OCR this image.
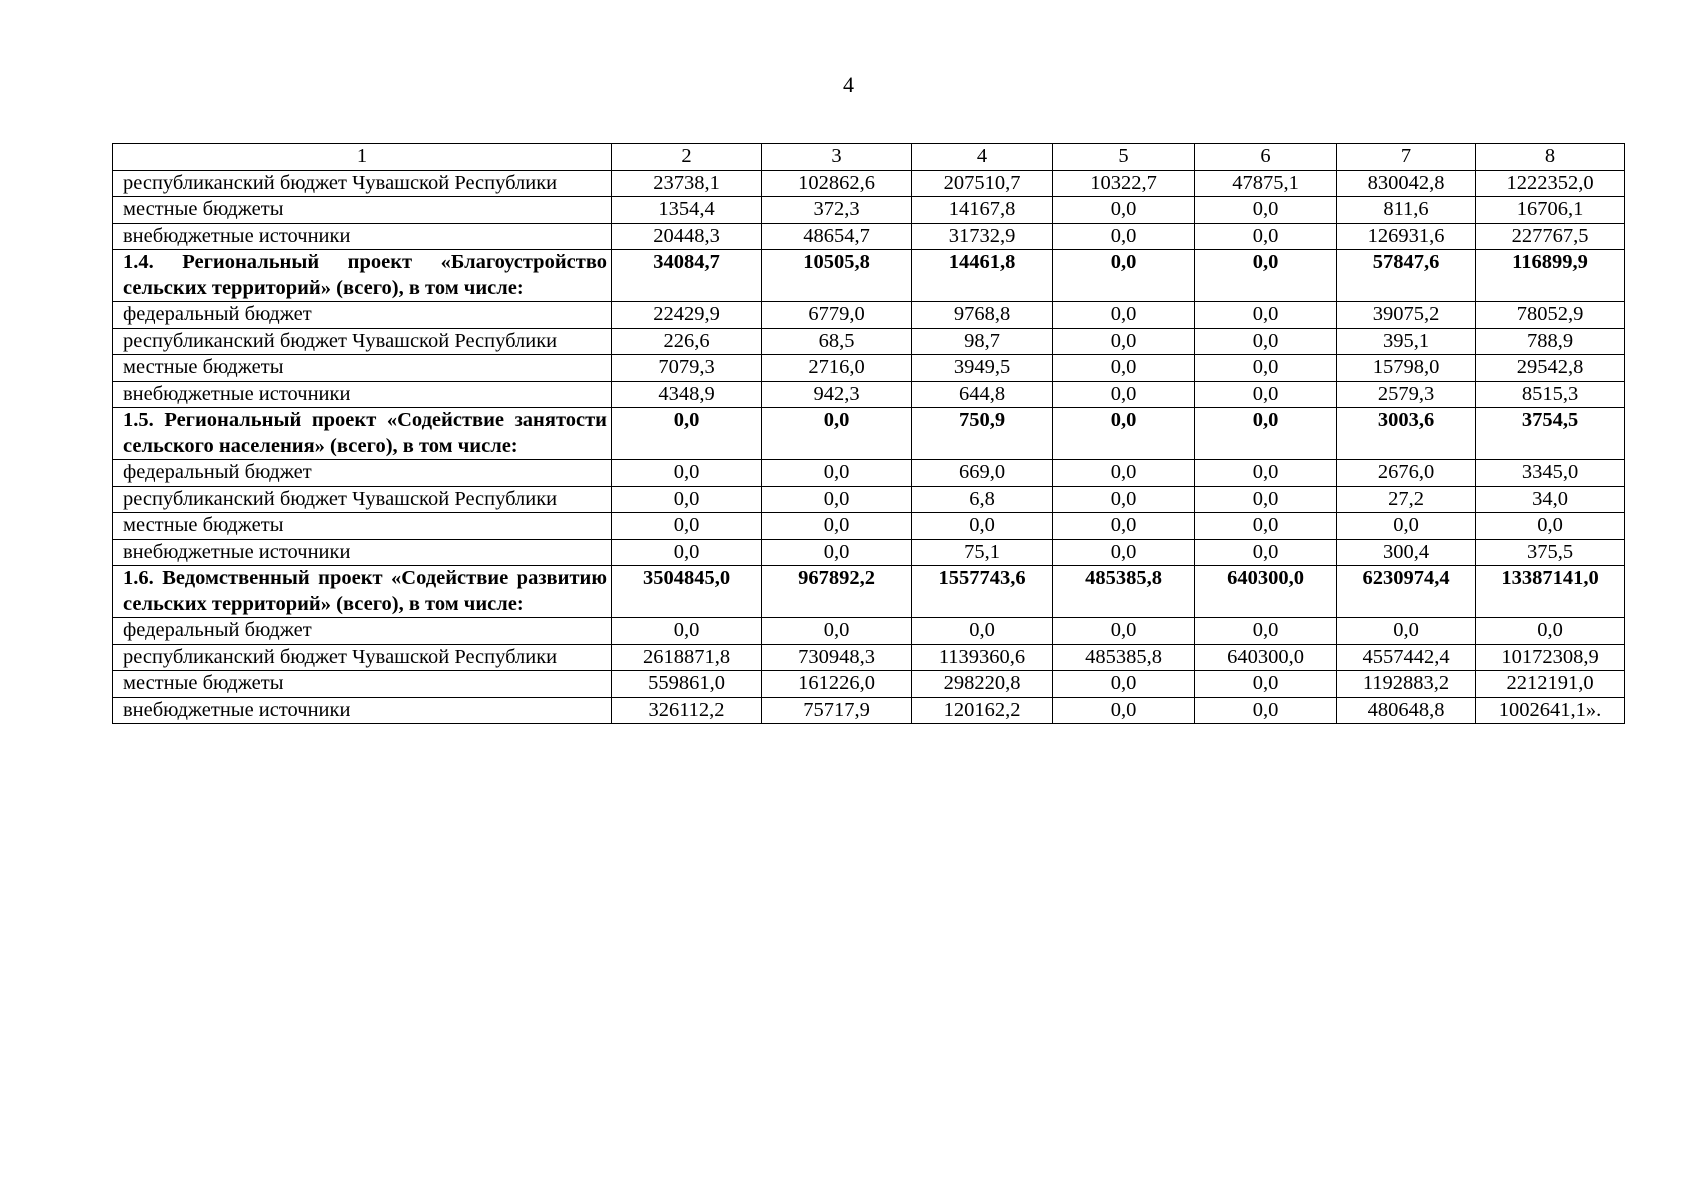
4
1	2	3	4	5	6	7	8
республиканский бюджет Чувашской Республики	23738,1	102862,6	207510,7	10322,7	47875,1	830042,8	1222352,0
местные бюджеты	1354,4	372,3	14167,8	0,0	0,0	811,6	16706,1
внебюджетные источники	20448,3	48654,7	31732,9	0,0	0,0	126931,6	227767,5
1.4. Региональный проект «Благоустройство сельских территорий» (всего), в том числе:	34084,7	10505,8	14461,8	0,0	0,0	57847,6	116899,9
федеральный бюджет	22429,9	6779,0	9768,8	0,0	0,0	39075,2	78052,9
республиканский бюджет Чувашской Республики	226,6	68,5	98,7	0,0	0,0	395,1	788,9
местные бюджеты	7079,3	2716,0	3949,5	0,0	0,0	15798,0	29542,8
внебюджетные источники	4348,9	942,3	644,8	0,0	0,0	2579,3	8515,3
1.5. Региональный проект «Содействие занятости сельского населения» (всего), в том числе:	0,0	0,0	750,9	0,0	0,0	3003,6	3754,5
федеральный бюджет	0,0	0,0	669,0	0,0	0,0	2676,0	3345,0
республиканский бюджет Чувашской Республики	0,0	0,0	6,8	0,0	0,0	27,2	34,0
местные бюджеты	0,0	0,0	0,0	0,0	0,0	0,0	0,0
внебюджетные источники	0,0	0,0	75,1	0,0	0,0	300,4	375,5
1.6. Ведомственный проект «Содействие развитию сельских территорий» (всего), в том числе:	3504845,0	967892,2	1557743,6	485385,8	640300,0	6230974,4	13387141,0
федеральный бюджет	0,0	0,0	0,0	0,0	0,0	0,0	0,0
республиканский бюджет Чувашской Республики	2618871,8	730948,3	1139360,6	485385,8	640300,0	4557442,4	10172308,9
местные бюджеты	559861,0	161226,0	298220,8	0,0	0,0	1192883,2	2212191,0
внебюджетные источники	326112,2	75717,9	120162,2	0,0	0,0	480648,8	1002641,1».
